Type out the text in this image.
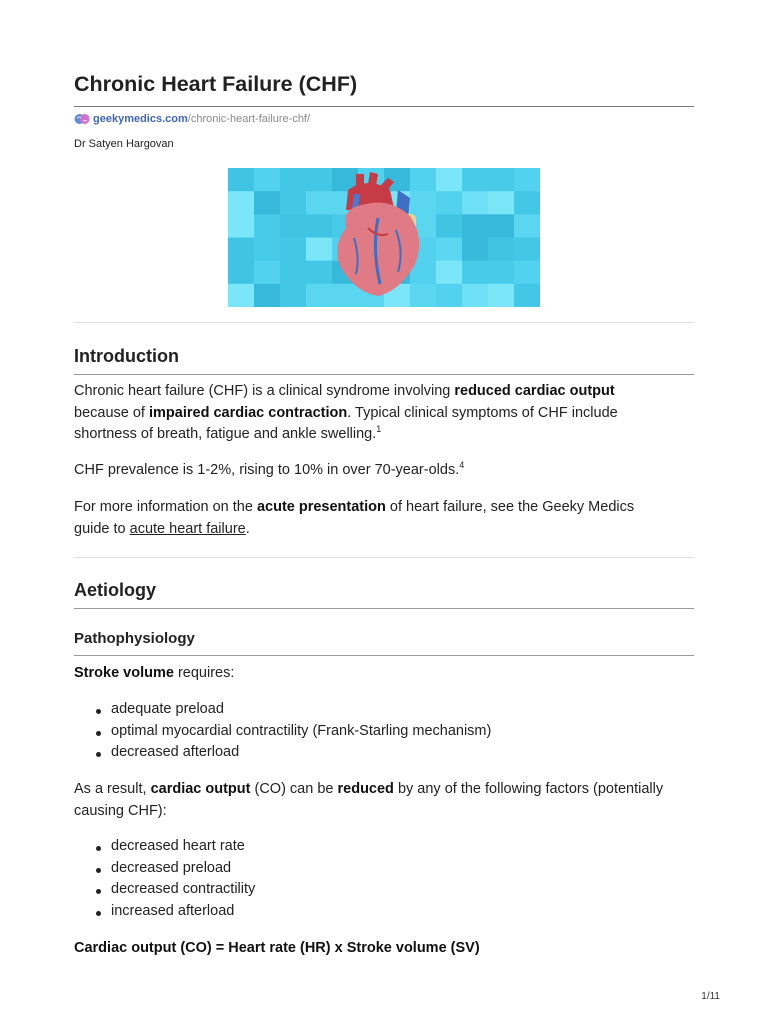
Chronic Heart Failure (CHF)
geekymedics.com /chronic-heart-failure-chf/
Dr Satyen Hargovan
Introduction

Chronic heart failure (CHF) is a clinical syndrome involving reduced cardiac output
because of impaired cardiac contraction. Typical clinical symptoms of CHF include
shortness of breath, fatigue and ankle swelling.$^1$

CHF prevalence is 1-2%, rising to 10% in over 70-year-olds.$^4$

For more information on the acute presentation of heart failure, see the Geeky Medics
guide to acute heart failure.

Aetiology
Pathophysiology

Stroke volume requires:

adequate preload
optimal myocardial contractility (Frank-Starling mechanism)
decreased afterload

As a result, cardiac output (CO) can be reduced by any of the following factors (potentially
causing CHF):

decreased heart rate
decreased preload
decreased contractility
increased afterload
Cardiac output (CO) = Heart rate (HR) x Stroke volume (SV)
1/11
